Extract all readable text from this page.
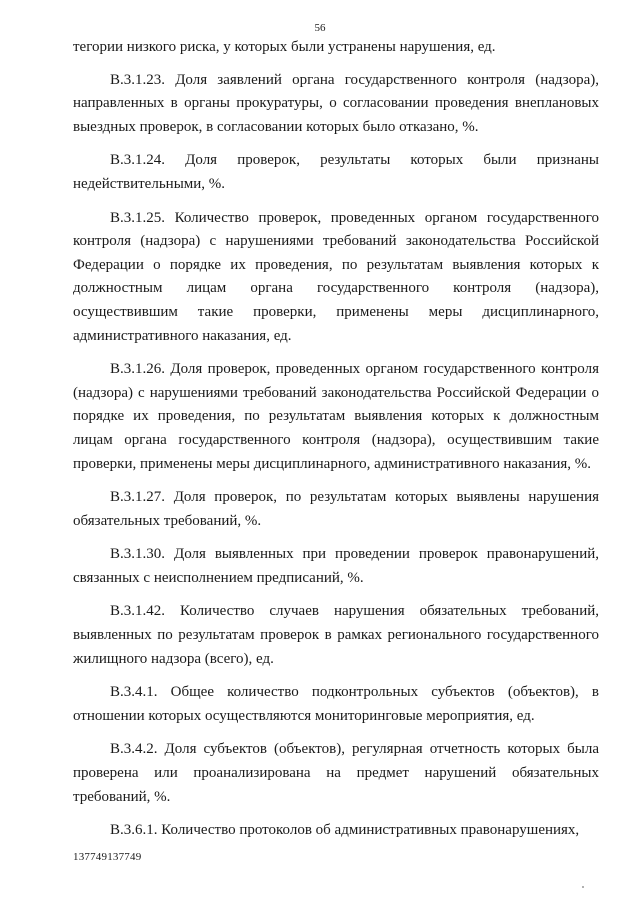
56

тегории низкого риска, у которых были устранены нарушения, ед.

В.3.1.23. Доля заявлений органа государственного контроля (надзора), направленных в органы прокуратуры, о согласовании проведения внеплановых выездных проверок, в согласовании которых было отказано, %.

В.3.1.24. Доля проверок, результаты которых были признаны недействительными, %.

В.3.1.25. Количество проверок, проведенных органом государственного контроля (надзора) с нарушениями требований законодательства Российской Федерации о порядке их проведения, по результатам выявления которых к должностным лицам органа государственного контроля (надзора), осуществившим такие проверки, применены меры дисциплинарного, административного наказания, ед.

В.3.1.26. Доля проверок, проведенных органом государственного контроля (надзора) с нарушениями требований законодательства Российской Федерации о порядке их проведения, по результатам выявления которых к должностным лицам органа государственного контроля (надзора), осуществившим такие проверки, применены меры дисциплинарного, административного наказания, %.

В.3.1.27. Доля проверок, по результатам которых выявлены нарушения обязательных требований, %.

В.3.1.30. Доля выявленных при проведении проверок правонарушений, связанных с неисполнением предписаний, %.

В.3.1.42. Количество случаев нарушения обязательных требований, выявленных по результатам проверок в рамках регионального государственного жилищного надзора (всего), ед.

В.3.4.1. Общее количество подконтрольных субъектов (объектов), в отношении которых осуществляются мониторинговые мероприятия, ед.

В.3.4.2. Доля субъектов (объектов), регулярная отчетность которых была проверена или проанализирована на предмет нарушений обязательных требований, %.

В.3.6.1. Количество протоколов об административных правонарушениях,

137749137749
